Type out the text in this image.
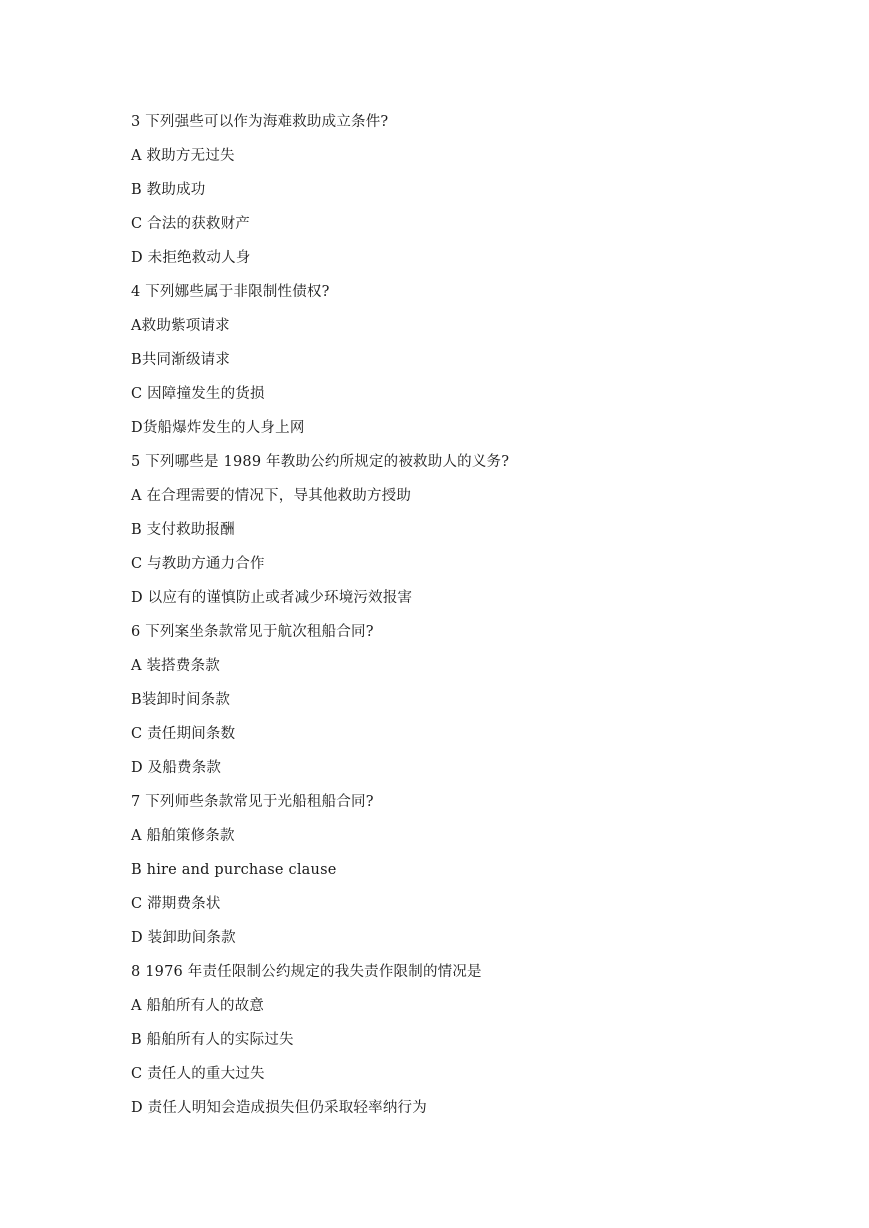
3 下列强些可以作为海难救助成立条件?
A 救助方无过失
B 教助成功
C 合法的获救财产
D 未拒绝救动人身
4 下列娜些属于非限制性债权?
A救助紫项请求
B共同渐级请求
C 因障撞发生的货损
D货船爆炸发生的人身上网
5 下列哪些是 1989 年教助公约所规定的被救助人的义务?
A 在合理需要的情况下，导其他救助方授助
B 支付救助报酬
C 与教助方通力合作
D 以应有的谨慎防止或者减少环境污效报害
6 下列案坐条款常见于航次租船合同?
A 装搭费条款
B装卸时间条款
C 责任期间条数
D 及船费条款
7 下列师些条款常见于光船租船合同?
A 船舶策修条款
B hire and purchase clause
C 滞期费条状
D 装卸助间条款
8 1976 年责任限制公约规定的我失责作限制的情况是
A 船舶所有人的故意
B 船舶所有人的实际过失
C 责任人的重大过失
D 责任人明知会造成损失但仍采取轻率纳行为
